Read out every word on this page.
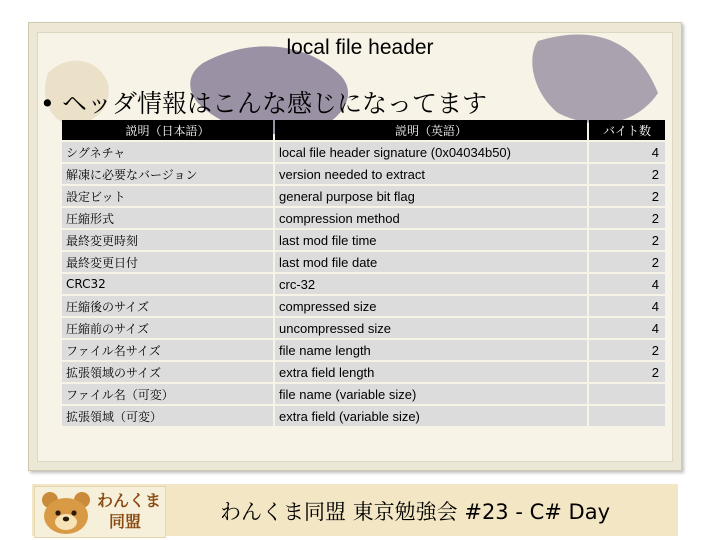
local file header
• ヘッダ情報はこんな感じになってます
説明（日本語）	説明（英語）	バイト数
シグネチャ	local file header signature (0x04034b50)	4
解凍に必要なバージョン	version needed to extract	2
設定ビット	general purpose bit flag	2
圧縮形式	compression method	2
最終変更時刻	last mod file time	2
最終変更日付	last mod file date	2
CRC32	crc-32	4
圧縮後のサイズ	compressed size	4
圧縮前のサイズ	uncompressed size	4
ファイル名サイズ	file name length	2
拡張領域のサイズ	extra field length	2
ファイル名（可変）	file name (variable size)	
拡張領域（可変）	extra field (variable size)	
わんくま
同盟	わんくま同盟 東京勉強会 #23 - C# Day
